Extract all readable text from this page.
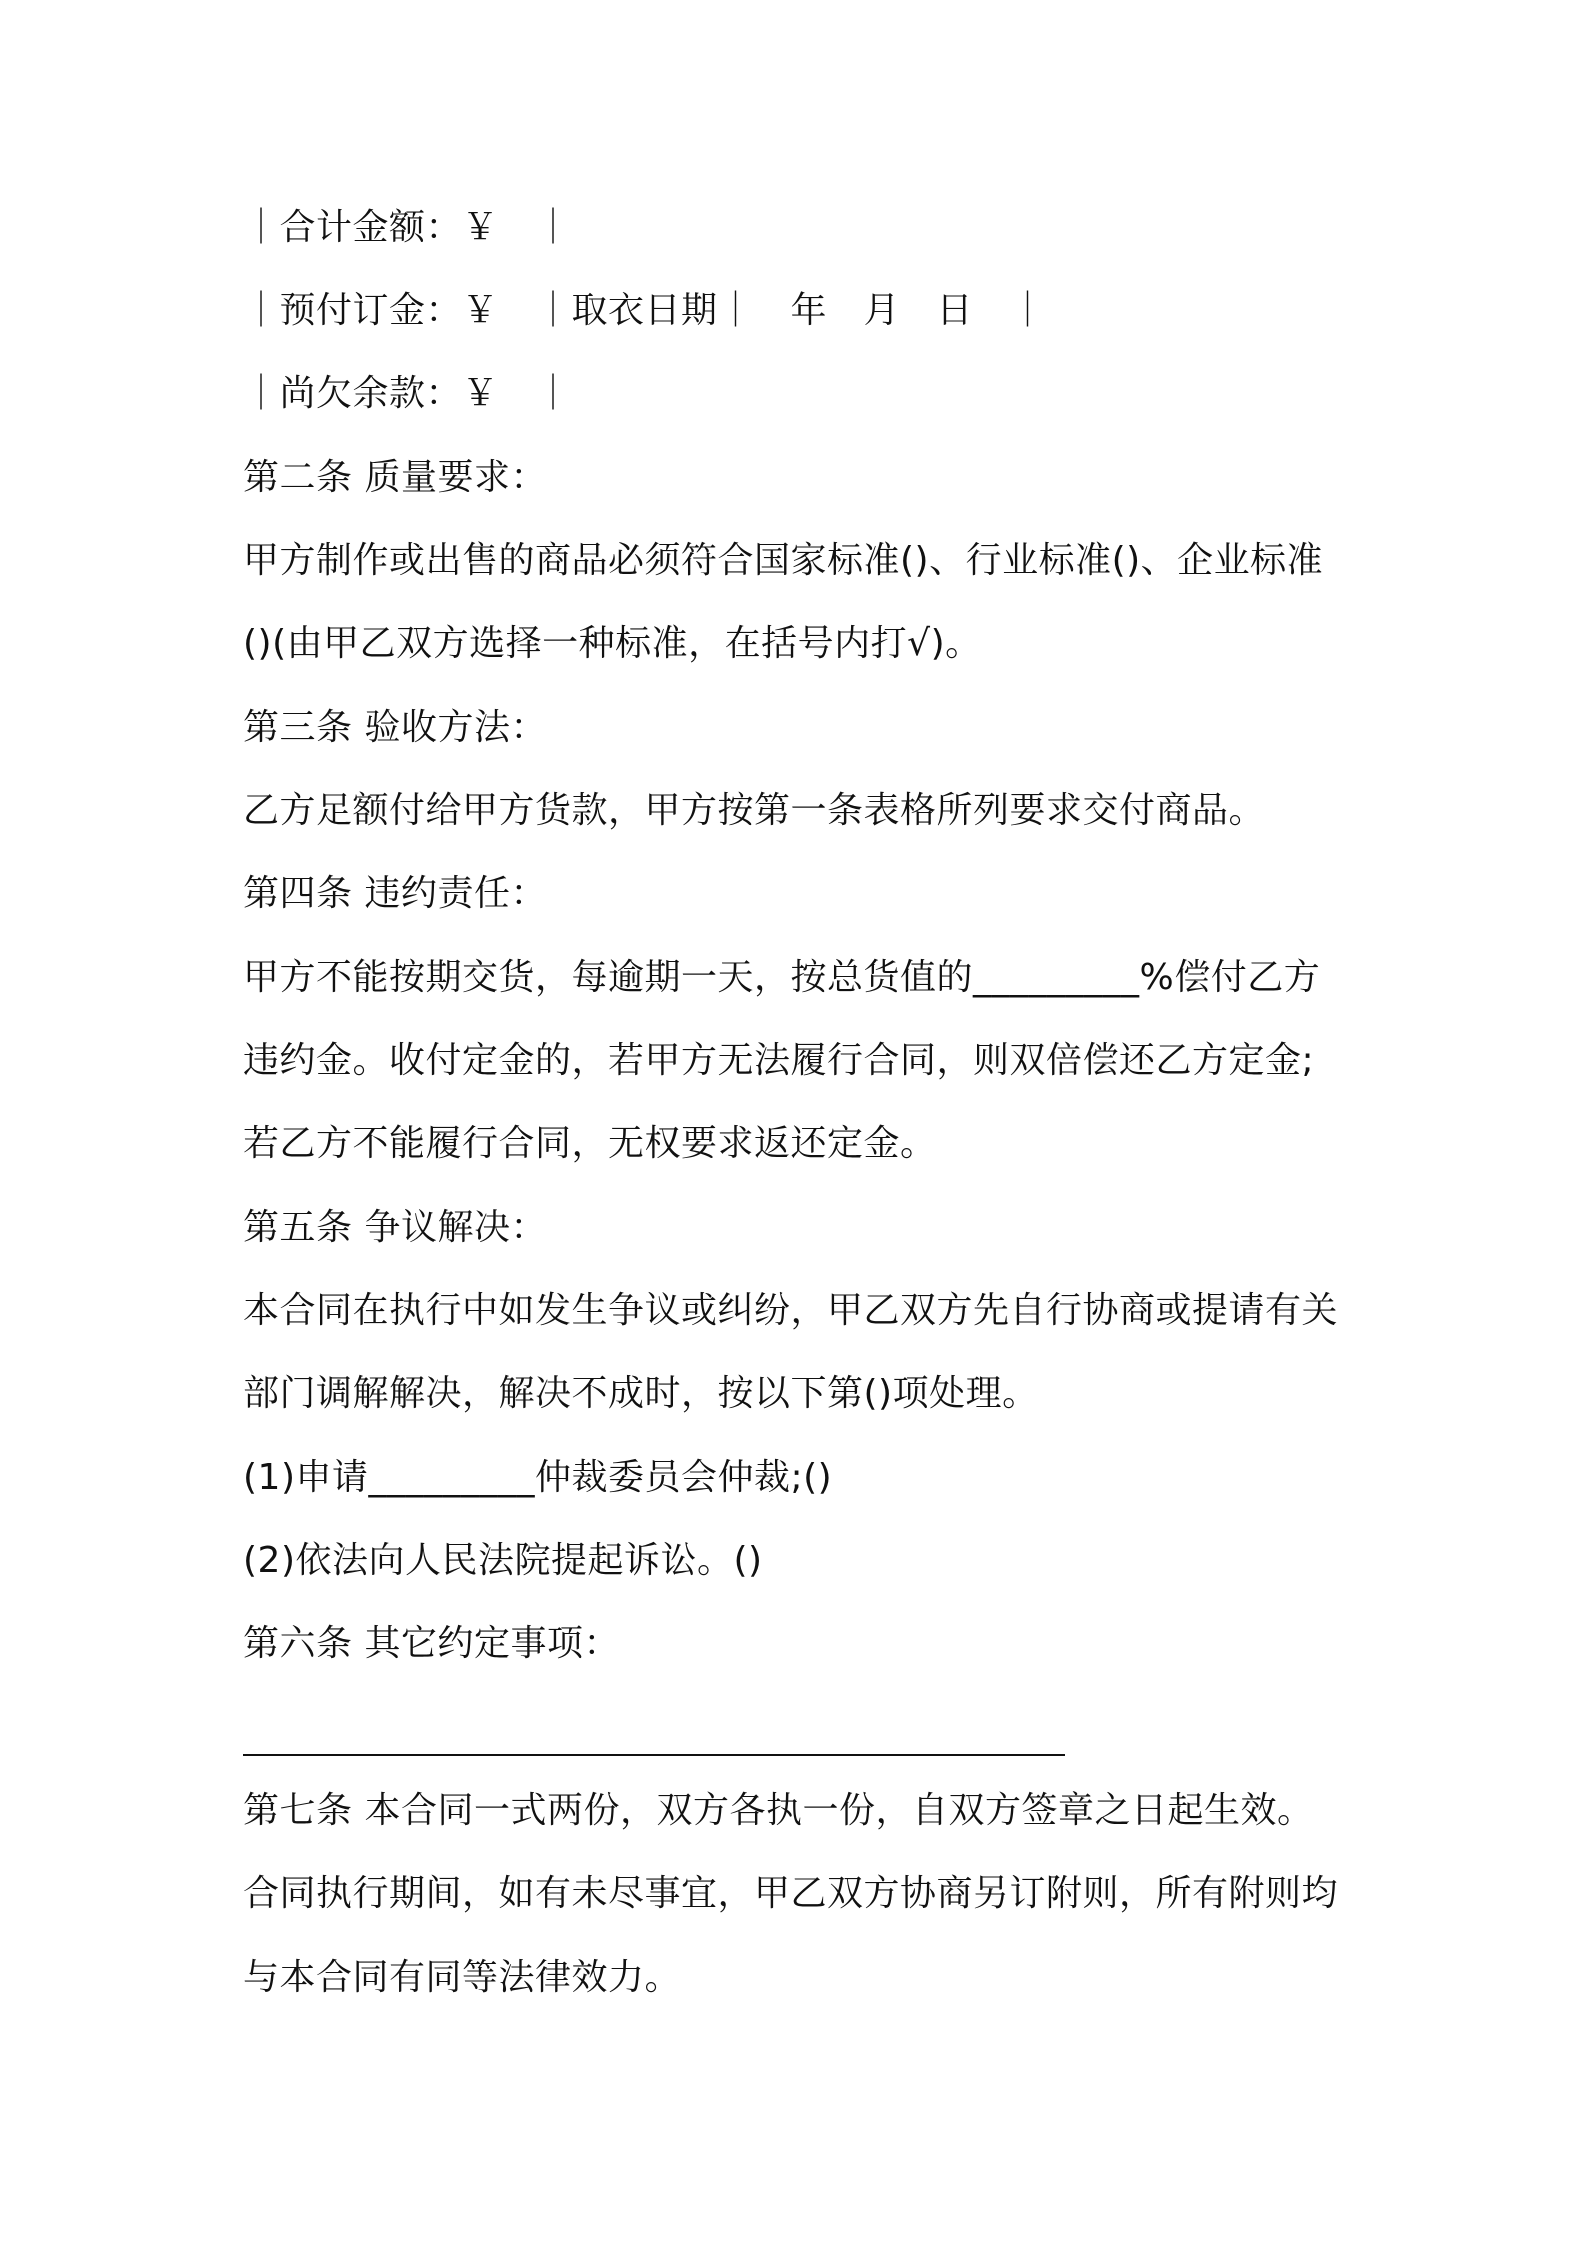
｜合计金额：￥　｜
｜预付订金：￥　｜取衣日期｜　年　月　日　｜
｜尚欠余款：￥　｜
第二条 质量要求：
甲方制作或出售的商品必须符合国家标准()、行业标准()、企业标准
()(由甲乙双方选择一种标准，在括号内打√)。
第三条 验收方法：
乙方足额付给甲方货款，甲方按第一条表格所列要求交付商品。
第四条 违约责任：
甲方不能按期交货，每逾期一天，按总货值的_________%偿付乙方
违约金。收付定金的，若甲方无法履行合同，则双倍偿还乙方定金;
若乙方不能履行合同，无权要求返还定金。
第五条 争议解决：
本合同在执行中如发生争议或纠纷，甲乙双方先自行协商或提请有关
部门调解解决，解决不成时，按以下第()项处理。
(1)申请_________仲裁委员会仲裁;()
(2)依法向人民法院提起诉讼。()
第六条 其它约定事项：
第七条 本合同一式两份，双方各执一份，自双方签章之日起生效。
合同执行期间，如有未尽事宜，甲乙双方协商另订附则，所有附则均
与本合同有同等法律效力。
